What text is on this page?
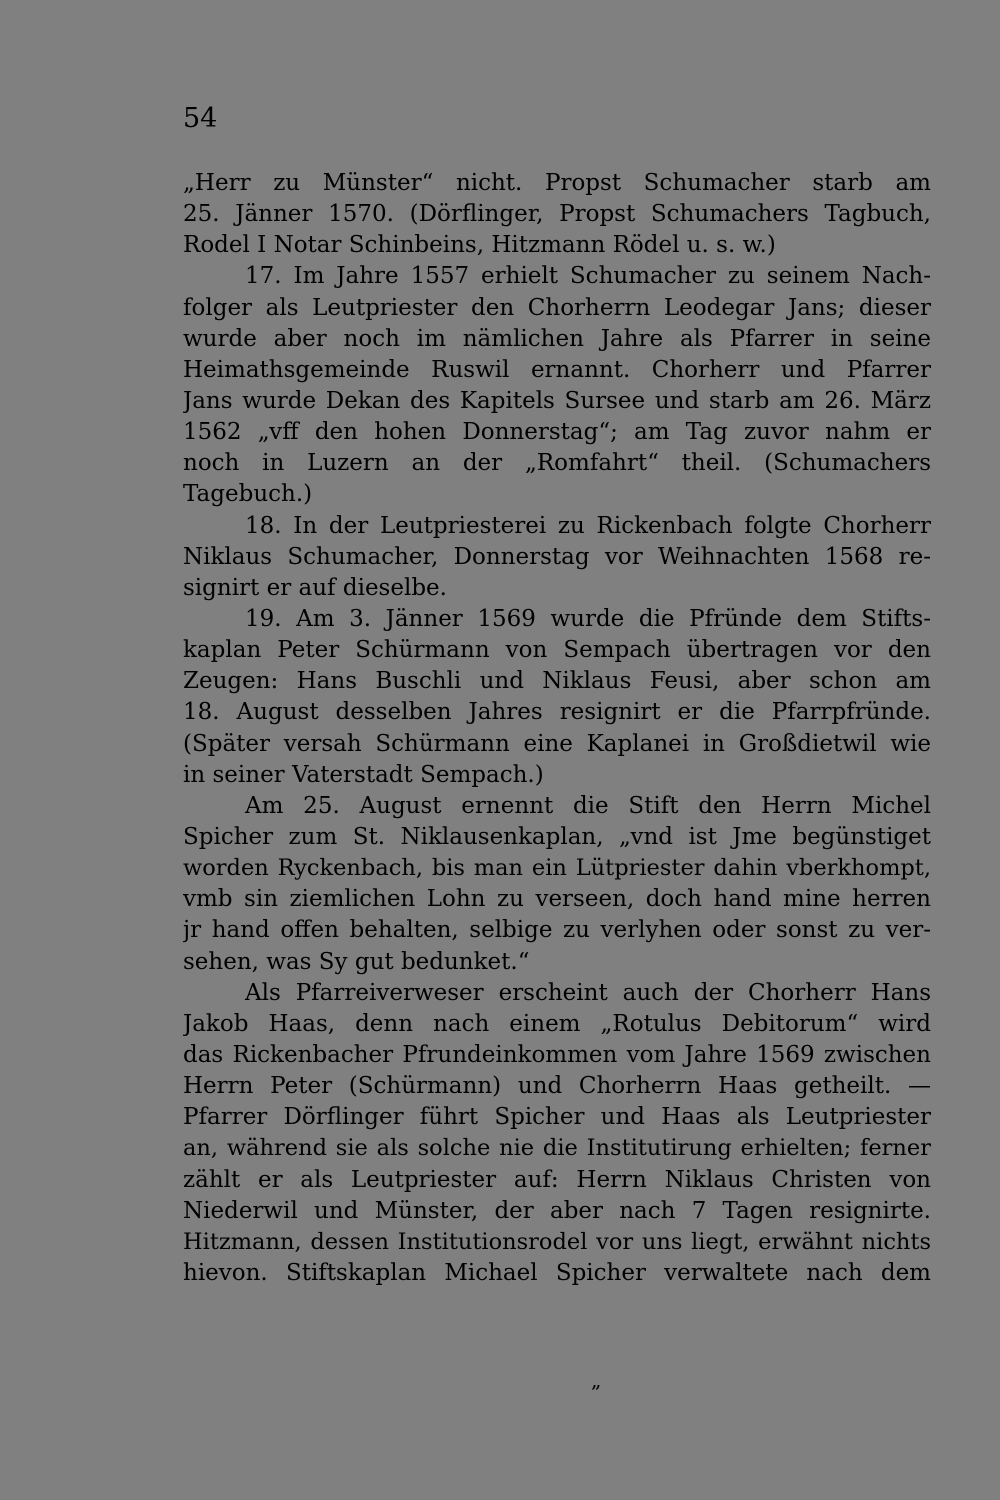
54
„Herr zu Münster“ nicht. Propst Schumacher starb am
25. Jänner 1570. (Dörflinger, Propst Schumachers Tagbuch,
Rodel I Notar Schinbeins, Hitzmann Rödel u. s. w.)
17. Im Jahre 1557 erhielt Schumacher zu seinem Nach-
folger als Leutpriester den Chorherrn Leodegar Jans; dieser
wurde aber noch im nämlichen Jahre als Pfarrer in seine
Heimathsgemeinde Ruswil ernannt. Chorherr und Pfarrer
Jans wurde Dekan des Kapitels Sursee und starb am 26. März
1562 „vff den hohen Donnerstag“; am Tag zuvor nahm er
noch in Luzern an der „Romfahrt“ theil. (Schumachers
Tagebuch.)
18. In der Leutpriesterei zu Rickenbach folgte Chorherr
Niklaus Schumacher, Donnerstag vor Weihnachten 1568 re-
signirt er auf dieselbe.
19. Am 3. Jänner 1569 wurde die Pfründe dem Stifts-
kaplan Peter Schürmann von Sempach übertragen vor den
Zeugen: Hans Buschli und Niklaus Feusi, aber schon am
18. August desselben Jahres resignirt er die Pfarrpfründe.
(Später versah Schürmann eine Kaplanei in Großdietwil wie
in seiner Vaterstadt Sempach.)
Am 25. August ernennt die Stift den Herrn Michel
Spicher zum St. Niklausenkaplan, „vnd ist Jme begünstiget
worden Ryckenbach, bis man ein Lütpriester dahin vberkhompt,
vmb sin ziemlichen Lohn zu verseen, doch hand mine herren
jr hand offen behalten, selbige zu verlyhen oder sonst zu ver-
sehen, was Sy gut bedunket.“
Als Pfarreiverweser erscheint auch der Chorherr Hans
Jakob Haas, denn nach einem „Rotulus Debitorum“ wird
das Rickenbacher Pfrundeinkommen vom Jahre 1569 zwischen
Herrn Peter (Schürmann) und Chorherrn Haas getheilt. —
Pfarrer Dörflinger führt Spicher und Haas als Leutpriester
an, während sie als solche nie die Institutirung erhielten; ferner
zählt er als Leutpriester auf: Herrn Niklaus Christen von
Niederwil und Münster, der aber nach 7 Tagen resignirte.
Hitzmann, dessen Institutionsrodel vor uns liegt, erwähnt nichts
hievon. Stiftskaplan Michael Spicher verwaltete nach dem
„
